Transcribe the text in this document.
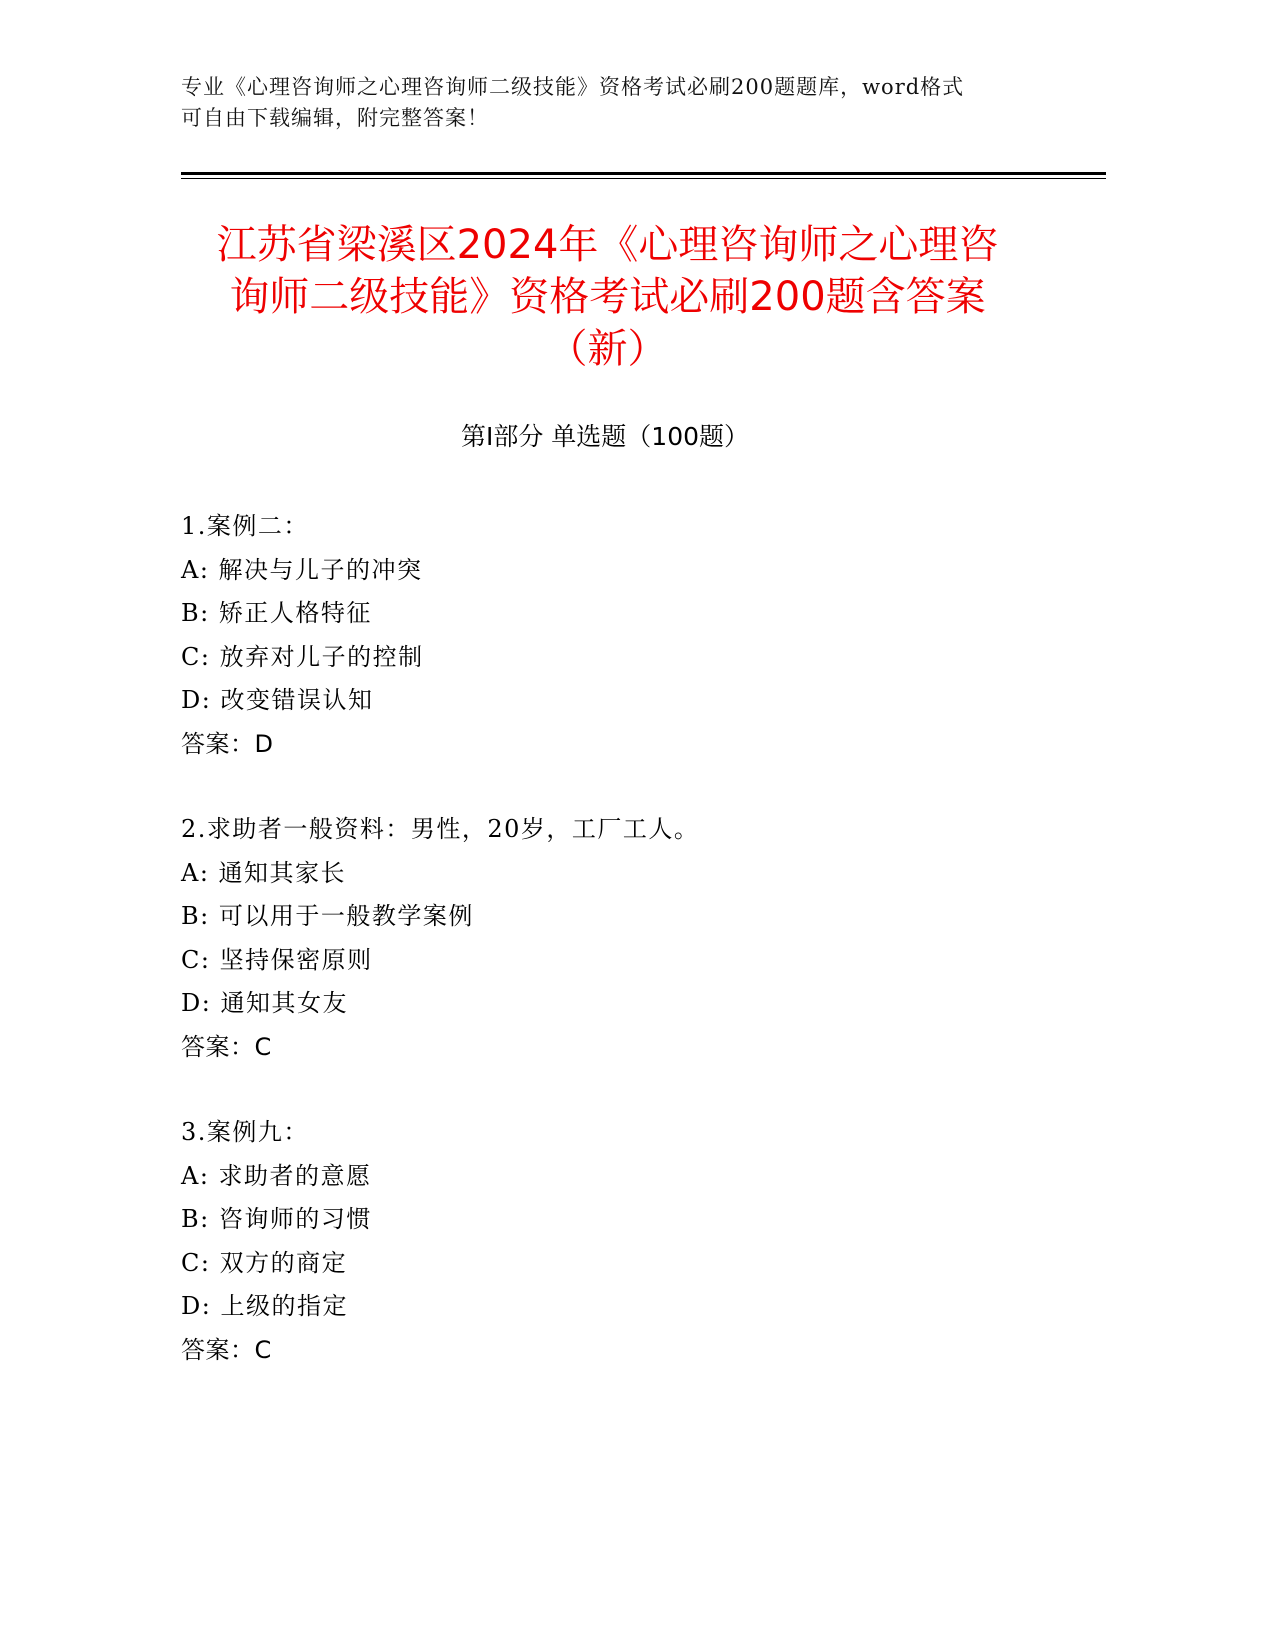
专业《心理咨询师之心理咨询师二级技能》资格考试必刷200题题库，word格式
可自由下载编辑，附完整答案！
江苏省梁溪区2024年《心理咨询师之心理咨
询师二级技能》资格考试必刷200题含答案
（新）
第Ⅰ部分 单选题（100题）
1.案例二：
A: 解决与儿子的冲突
B: 矫正人格特征
C: 放弃对儿子的控制
D: 改变错误认知
答案：D
2.求助者一般资料：男性，20岁，工厂工人。
A: 通知其家长
B: 可以用于一般教学案例
C: 坚持保密原则
D: 通知其女友
答案：C
3.案例九：
A: 求助者的意愿
B: 咨询师的习惯
C: 双方的商定
D: 上级的指定
答案：C
